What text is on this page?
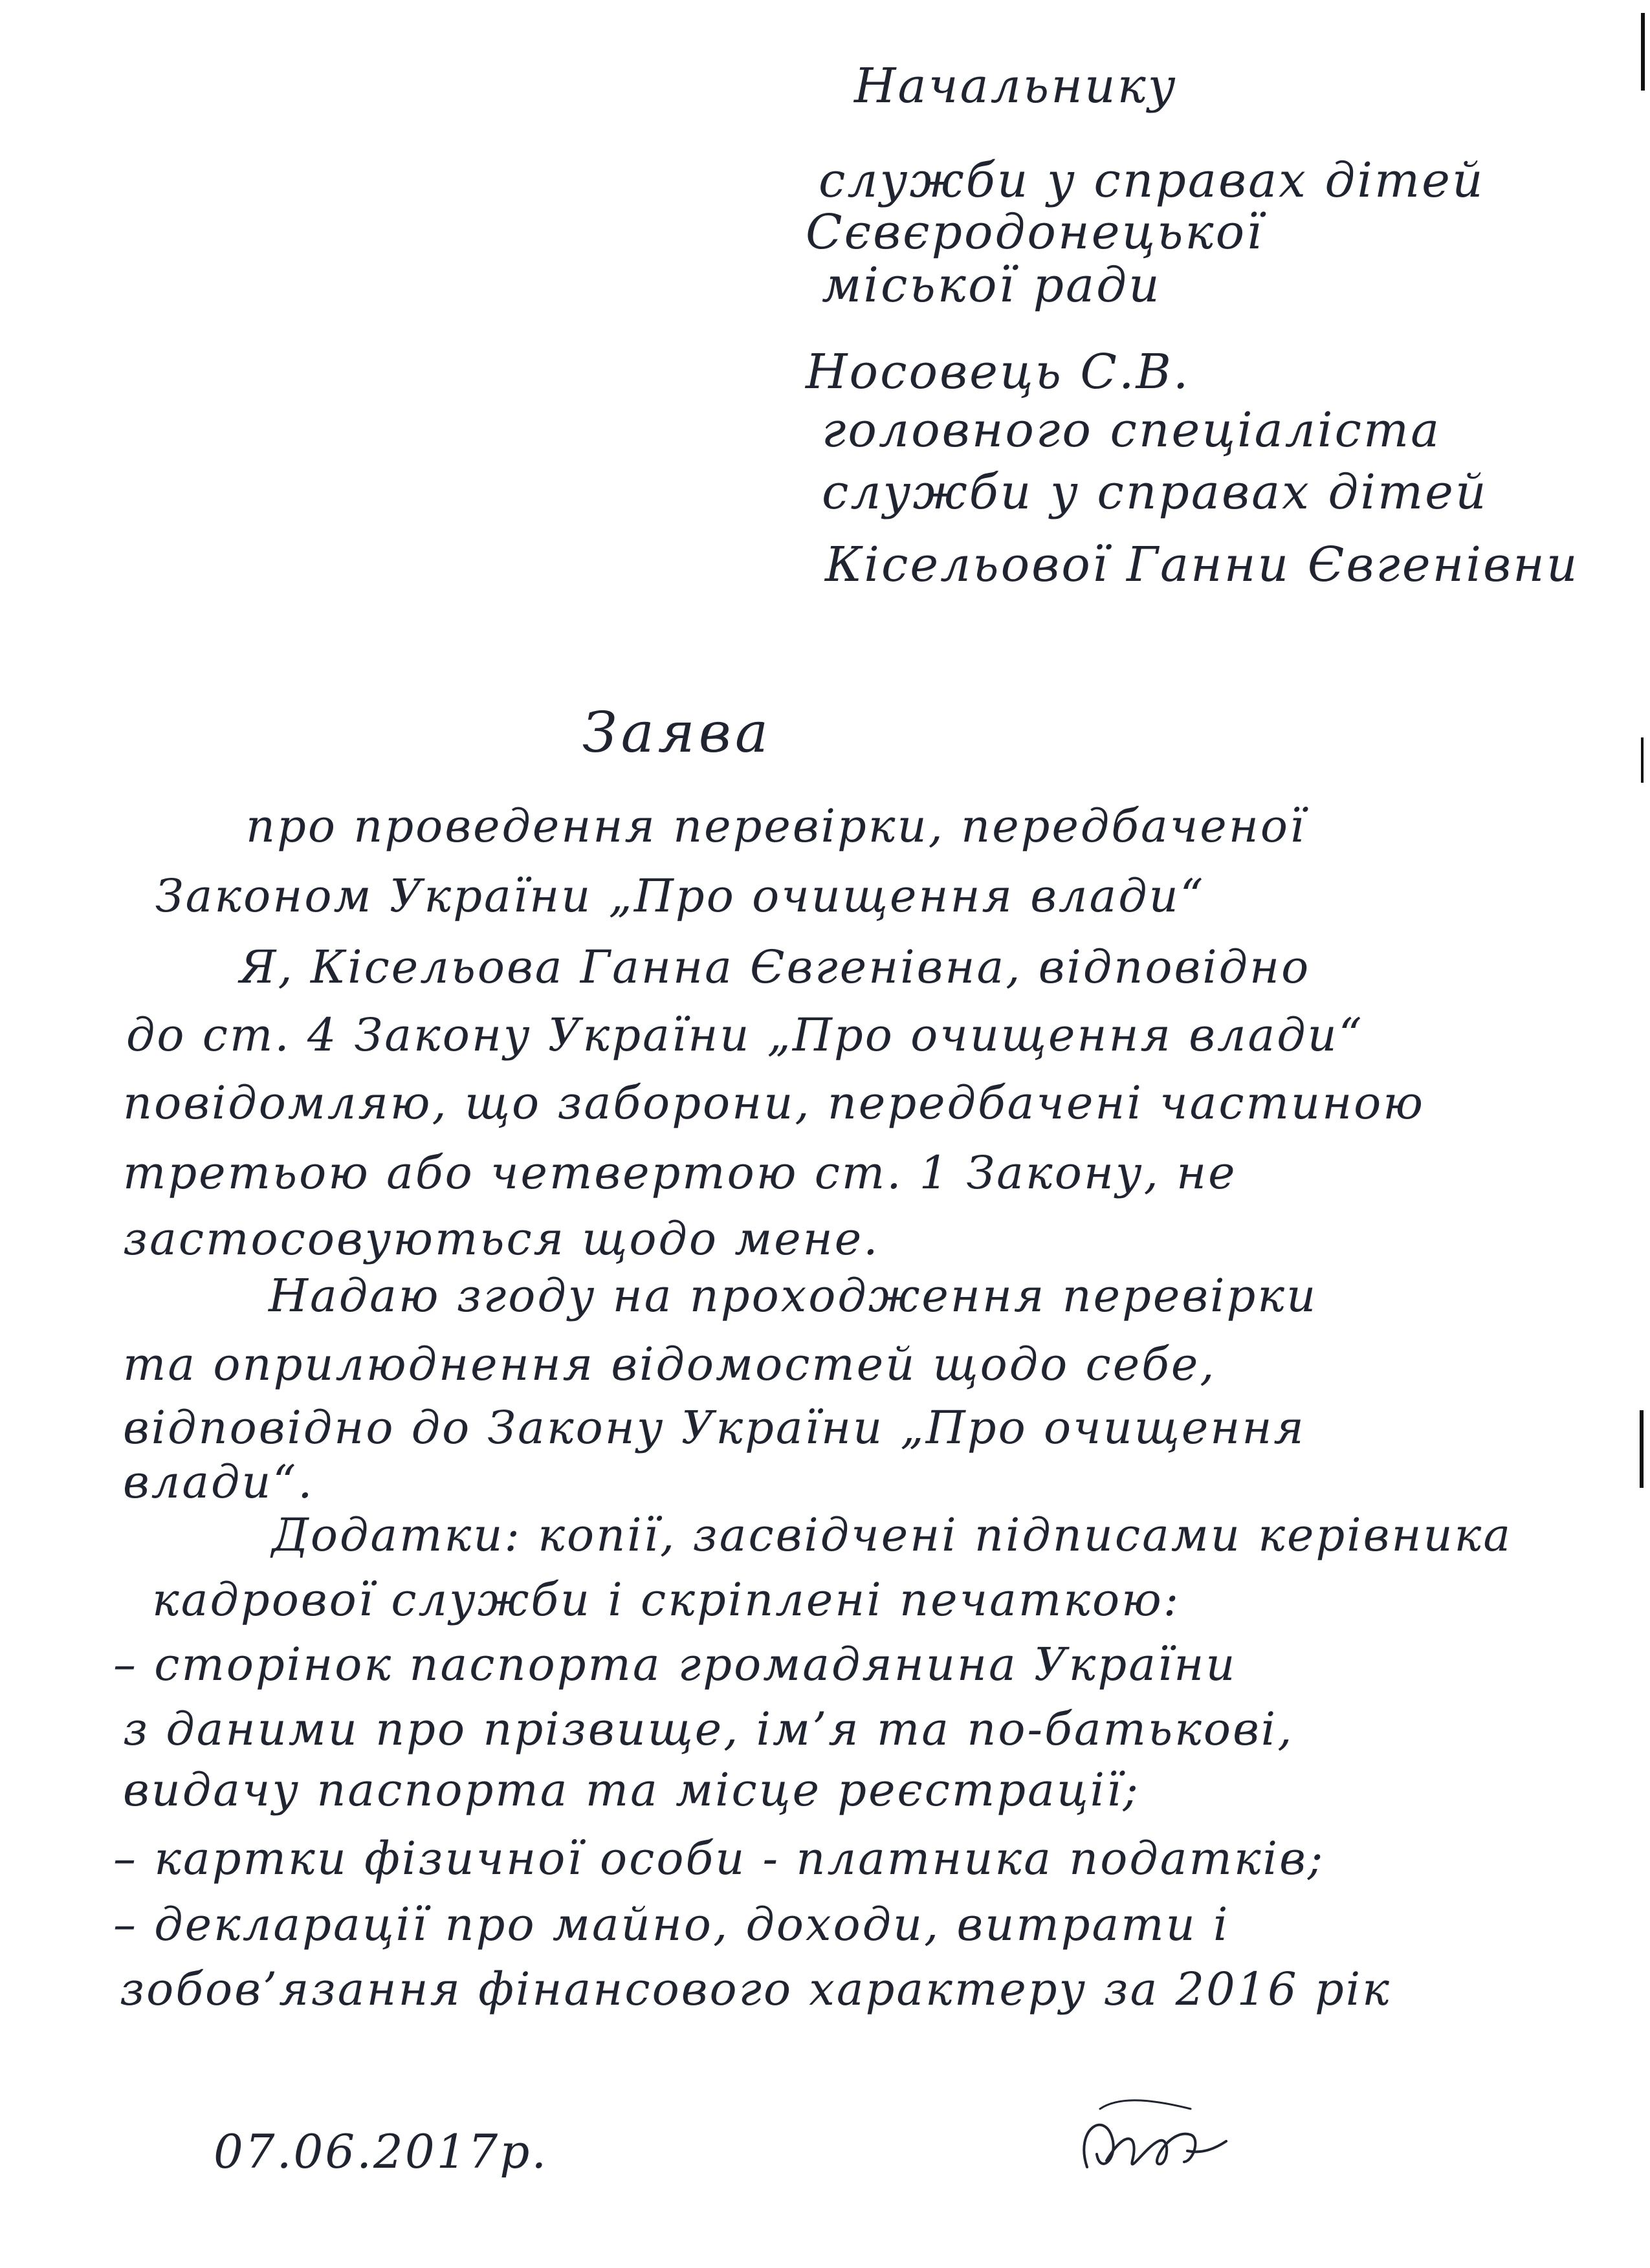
Начальнику
служби у справах дітей
Сєвєродонецької
міської ради
Носовець С.В.
головного спеціаліста
служби у справах дітей
Кісельової Ганни Євгенівни
Заява
про проведення перевірки, передбаченої
Законом України „Про очищення влади“
Я, Кісельова Ганна Євгенівна, відповідно
до ст. 4 Закону України „Про очищення влади“
повідомляю, що заборони, передбачені частиною
третьою або четвертою ст. 1 Закону, не
застосовуються щодо мене.
Надаю згоду на проходження перевірки
та оприлюднення відомостей щодо себе,
відповідно до Закону України „Про очищення
влади“.
Додатки: копії, засвідчені підписами керівника
кадрової служби і скріплені печаткою:
– сторінок паспорта громадянина України
з даними про прізвище, ім’я та по-батькові,
видачу паспорта та місце реєстрації;
– картки фізичної особи - платника податків;
– декларації про майно, доходи, витрати і
зобов’язання фінансового характеру за 2016 рік
07.06.2017р.
